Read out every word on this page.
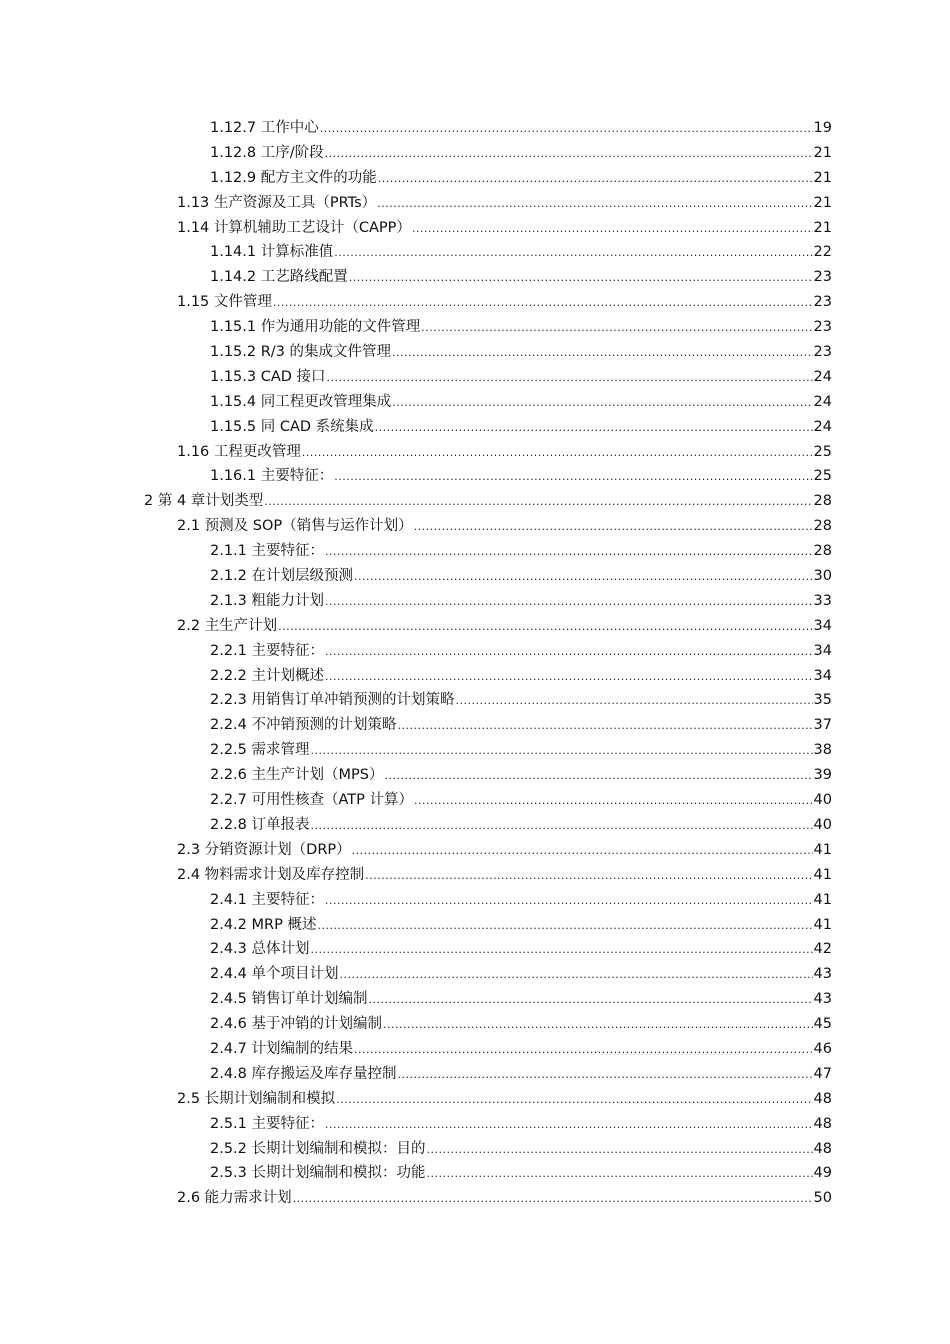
1.12.7 工作中心 .....	19
1.12.8 工序/阶段 .....	21
1.12.9 配方主文件的功能 .....	21
1.13 生产资源及工具（PRTs） .....	21
1.14 计算机辅助工艺设计（CAPP） .....	21
1.14.1 计算标准值 .....	22
1.14.2 工艺路线配置 .....	23
1.15 文件管理 .....	23
1.15.1 作为通用功能的文件管理 .....	23
1.15.2 R/3 的集成文件管理 .....	23
1.15.3 CAD 接口 .....	24
1.15.4 同工程更改管理集成 .....	24
1.15.5 同 CAD 系统集成 .....	24
1.16 工程更改管理 .....	25
1.16.1 主要特征： .....	25
2 第 4 章计划类型 .....	28
2.1 预测及 SOP（销售与运作计划） .....	28
2.1.1 主要特征： .....	28
2.1.2 在计划层级预测 .....	30
2.1.3 粗能力计划 .....	33
2.2 主生产计划 .....	34
2.2.1 主要特征： .....	34
2.2.2 主计划概述 .....	34
2.2.3 用销售订单冲销预测的计划策略 .....	35
2.2.4 不冲销预测的计划策略 .....	37
2.2.5 需求管理 .....	38
2.2.6 主生产计划（MPS） .....	39
2.2.7 可用性核查（ATP 计算） .....	40
2.2.8 订单报表 .....	40
2.3 分销资源计划（DRP） .....	41
2.4 物料需求计划及库存控制 .....	41
2.4.1 主要特征： .....	41
2.4.2 MRP 概述 .....	41
2.4.3 总体计划 .....	42
2.4.4 单个项目计划 .....	43
2.4.5 销售订单计划编制 .....	43
2.4.6 基于冲销的计划编制 .....	45
2.4.7 计划编制的结果 .....	46
2.4.8 库存搬运及库存量控制 .....	47
2.5 长期计划编制和模拟 .....	48
2.5.1 主要特征： .....	48
2.5.2 长期计划编制和模拟：目的 .....	48
2.5.3 长期计划编制和模拟：功能 .....	49
2.6 能力需求计划 .....	50
